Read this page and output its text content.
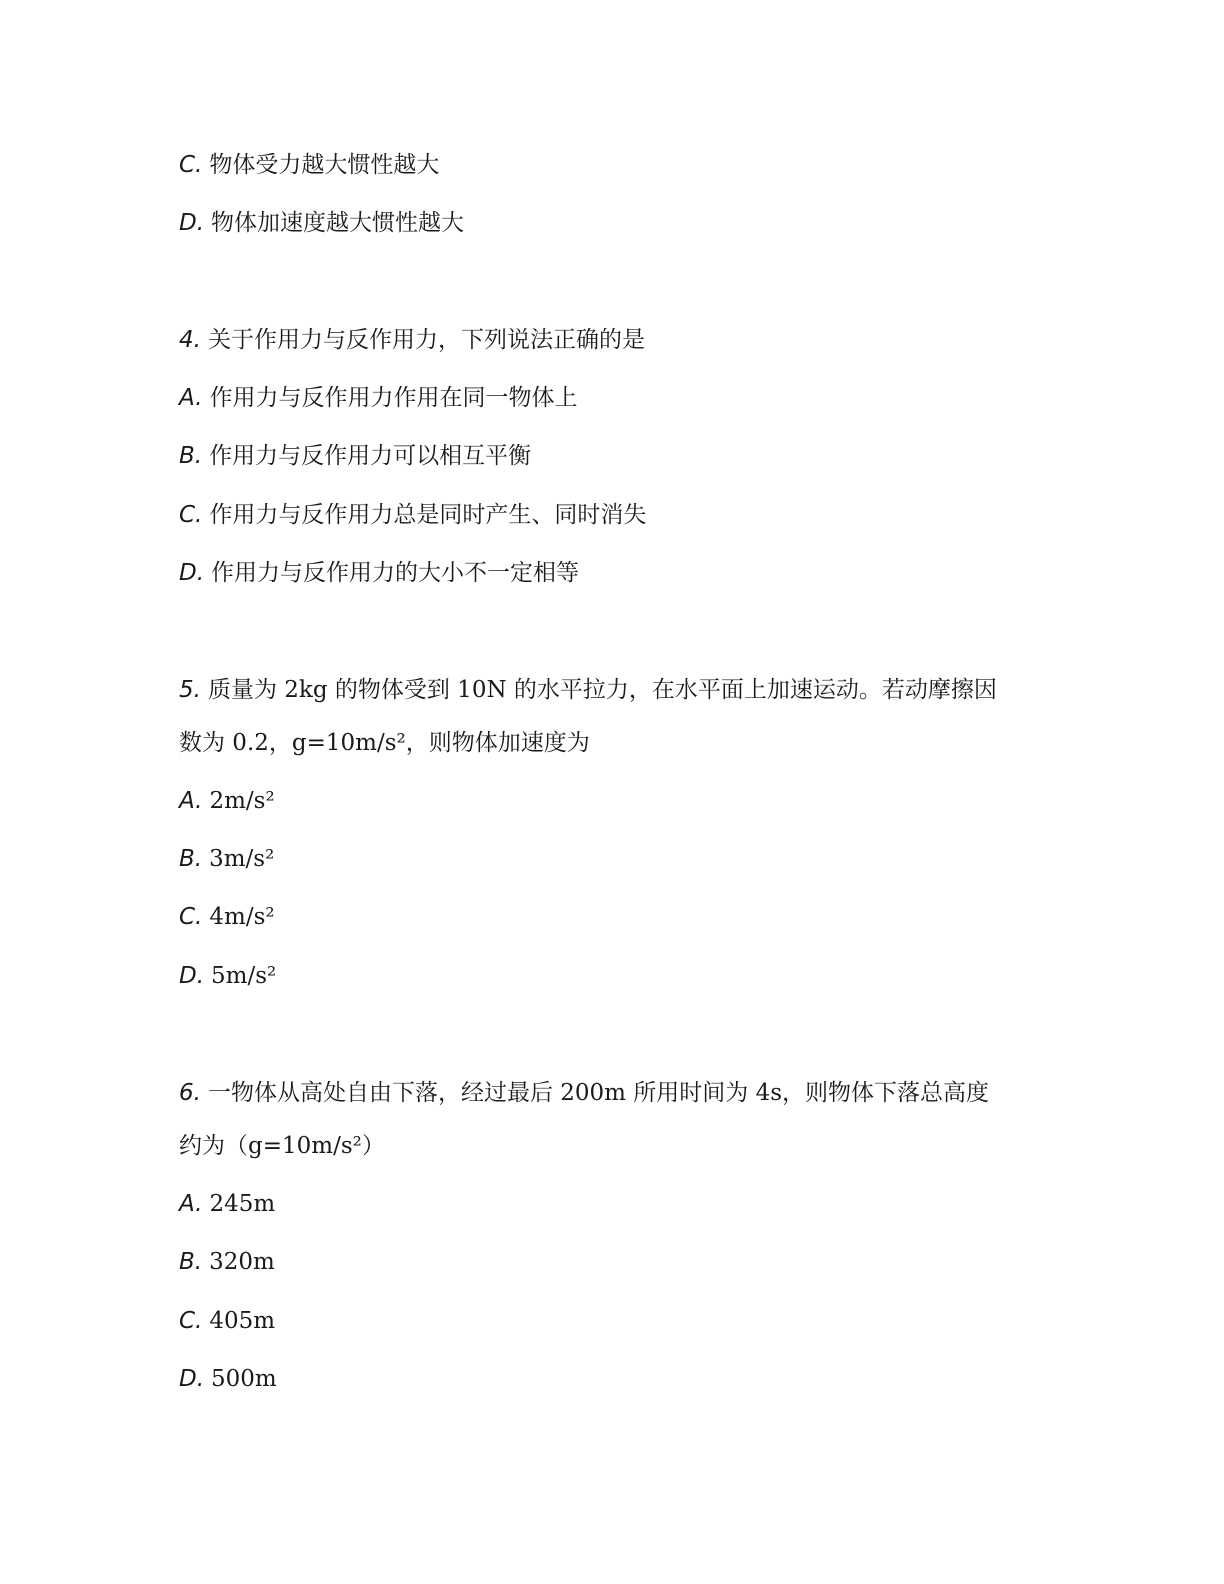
C. 物体受力越大惯性越大
D. 物体加速度越大惯性越大
4. 关于作用力与反作用力，下列说法正确的是
A. 作用力与反作用力作用在同一物体上
B. 作用力与反作用力可以相互平衡
C. 作用力与反作用力总是同时产生、同时消失
D. 作用力与反作用力的大小不一定相等
5. 质量为 2kg 的物体受到 10N 的水平拉力，在水平面上加速运动。若动摩擦因
数为 0.2，g=10m/s²，则物体加速度为
A. 2m/s²
B. 3m/s²
C. 4m/s²
D. 5m/s²
6. 一物体从高处自由下落，经过最后 200m 所用时间为 4s，则物体下落总高度
约为（g=10m/s²）
A. 245m
B. 320m
C. 405m
D. 500m
